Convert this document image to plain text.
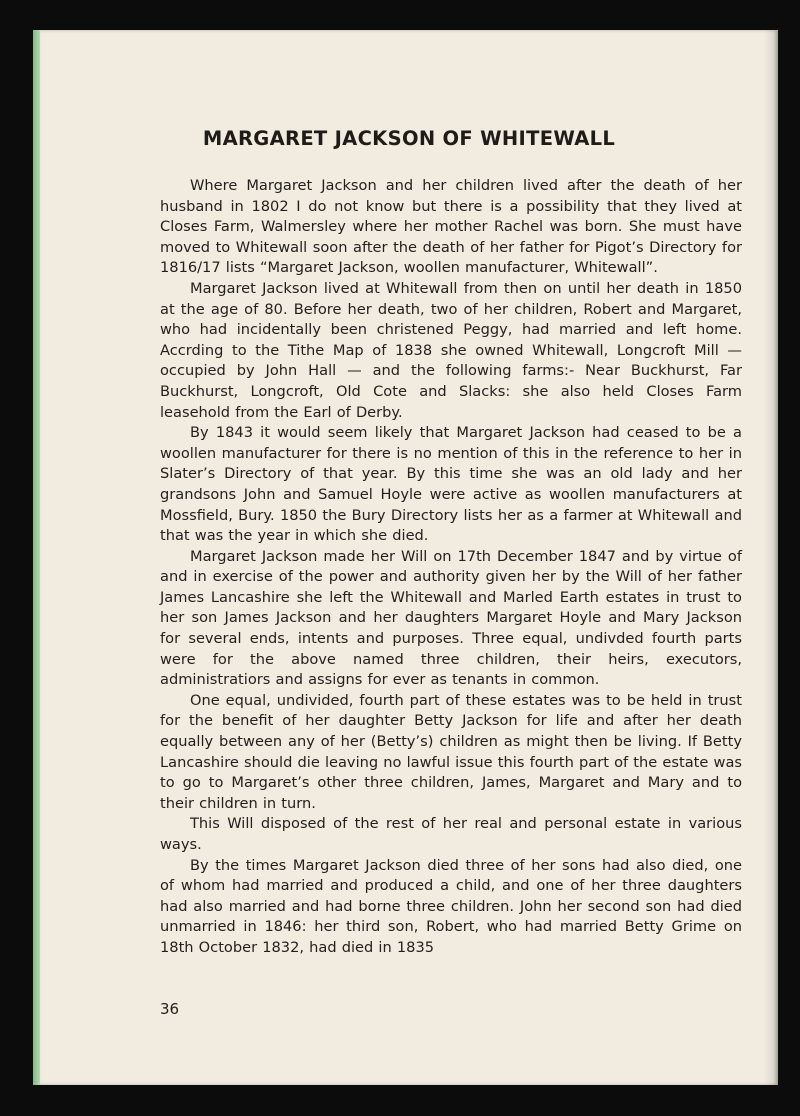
MARGARET JACKSON OF WHITEWALL

Where Margaret Jackson and her children lived after the death of her husband in 1802 I do not know but there is a possibility that they lived at Closes Farm, Walmersley where her mother Rachel was born. She must have moved to Whitewall soon after the death of her father for Pigot’s Directory for 1816/17 lists “Margaret Jackson, woollen manufacturer, Whitewall”.

Margaret Jackson lived at Whitewall from then on until her death in 1850 at the age of 80. Before her death, two of her children, Robert and Margaret, who had incidentally been christened Peggy, had married and left home. Accrding to the Tithe Map of 1838 she owned Whitewall, Longcroft Mill — occupied by John Hall — and the following farms:- Near Buckhurst, Far Buckhurst, Longcroft, Old Cote and Slacks: she also held Closes Farm leasehold from the Earl of Derby.

By 1843 it would seem likely that Margaret Jackson had ceased to be a woollen manufacturer for there is no mention of this in the reference to her in Slater’s Directory of that year. By this time she was an old lady and her grandsons John and Samuel Hoyle were active as woollen manufacturers at Mossfield, Bury. 1850 the Bury Directory lists her as a farmer at Whitewall and that was the year in which she died.

Margaret Jackson made her Will on 17th December 1847 and by virtue of and in exercise of the power and authority given her by the Will of her father James Lancashire she left the Whitewall and Marled Earth estates in trust to her son James Jackson and her daughters Margaret Hoyle and Mary Jackson for several ends, intents and purposes. Three equal, undivded fourth parts were for the above named three children, their heirs, executors, administratiors and assigns for ever as tenants in common.

One equal, undivided, fourth part of these estates was to be held in trust for the benefit of her daughter Betty Jackson for life and after her death equally between any of her (Betty’s) children as might then be living. If Betty Lancashire should die leaving no lawful issue this fourth part of the estate was to go to Margaret’s other three children, James, Margaret and Mary and to their children in turn.

This Will disposed of the rest of her real and personal estate in various ways.

By the times Margaret Jackson died three of her sons had also died, one of whom had married and produced a child, and one of her three daughters had also married and had borne three children. John her second son had died unmarried in 1846: her third son, Robert, who had married Betty Grime on 18th October 1832, had died in 1835

36
